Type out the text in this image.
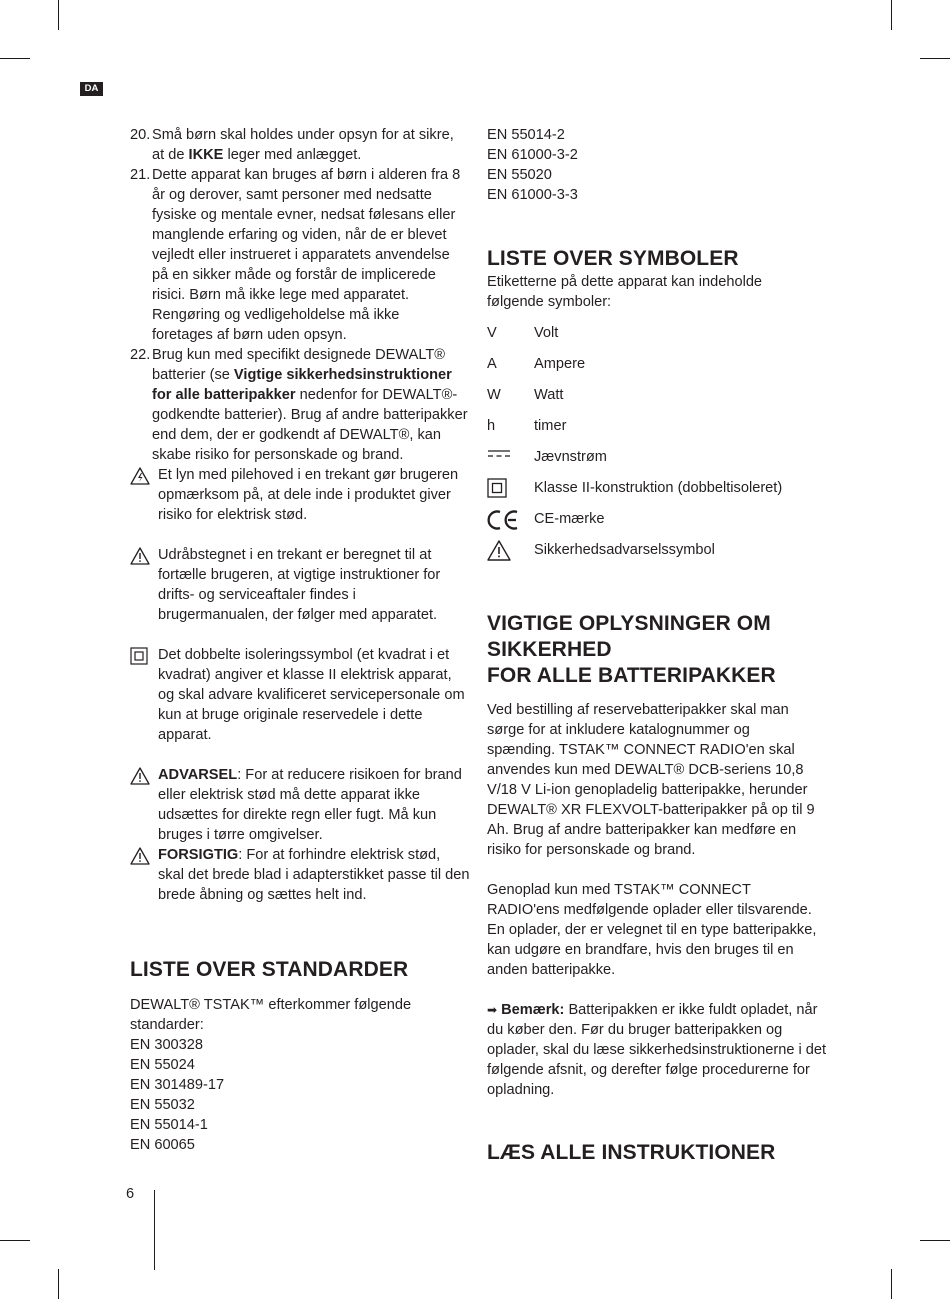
DA
20. Små børn skal holdes under opsyn for at sikre,
at de IKKE leger med anlægget.
21. Dette apparat kan bruges af børn i alderen fra 8 år og derover, samt personer med nedsatte fysiske og mentale evner, nedsat følesans eller manglende erfaring og viden, når de er blevet vejledt eller instrueret i apparatets anvendelse på en sikker måde og forstår de implicerede risici. Børn må ikke lege med apparatet. Rengøring og vedligeholdelse må ikke foretages af børn uden opsyn.
22. Brug kun med specifikt designede DEWALT® batterier (se Vigtige sikkerhedsinstruktioner for alle batteripakker nedenfor for DEWALT®-godkendte batterier). Brug af andre batteripakker end dem, der er godkendt af DEWALT®, kan skabe risiko for personskade og brand.
Et lyn med pilehoved i en trekant gør brugeren opmærksom på, at dele inde i produktet giver risiko for elektrisk stød.
Udråbstegnet i en trekant er beregnet til at fortælle brugeren, at vigtige instruktioner for drifts- og serviceaftaler findes i brugermanualen, der følger med apparatet.
Det dobbelte isoleringssymbol (et kvadrat i et kvadrat) angiver et klasse II elektrisk apparat, og skal advare kvalificeret servicepersonale om kun at bruge originale reservedele i dette apparat.
ADVARSEL: For at reducere risikoen for brand eller elektrisk stød må dette apparat ikke udsættes for direkte regn eller fugt. Må kun bruges i tørre omgivelser.
FORSIGTIG: For at forhindre elektrisk stød, skal det brede blad i adapterstikket passe til den brede åbning og sættes helt ind.
LISTE OVER STANDARDER

DEWALT® TSTAK™ efterkommer følgende standarder:

EN 300328
EN 55024
EN 301489-17
EN 55032
EN 55014-1
EN 60065
EN 55014-2
EN 61000-3-2
EN 55020
EN 61000-3-3
LISTE OVER SYMBOLER

Etiketterne på dette apparat kan indeholde følgende symboler:

V	Volt
A	Ampere
W	Watt
h	timer
Jævnstrøm
Klasse II-konstruktion (dobbeltisoleret)
CE-mærke
Sikkerhedsadvarselssymbol
VIGTIGE OPLYSNINGER OM
SIKKERHED
FOR ALLE BATTERIPAKKER

Ved bestilling af reservebatteripakker skal man sørge for at inkludere katalognummer og spænding. TSTAK™ CONNECT RADIO'en skal anvendes kun med DEWALT® DCB-seriens 10,8 V/18 V Li-ion genopladelig batteripakke, herunder DEWALT® XR FLEXVOLT-batteripakker på op til 9 Ah. Brug af andre batteripakker kan medføre en risiko for personskade og brand.

Genoplad kun med TSTAK™ CONNECT RADIO'ens medfølgende oplader eller tilsvarende. En oplader, der er velegnet til en type batteripakke, kan udgøre en brandfare, hvis den bruges til en anden batteripakke.

➡ Bemærk: Batteripakken er ikke fuldt opladet, når du køber den. Før du bruger batteripakken og oplader, skal du læse sikkerhedsinstruktionerne i det følgende afsnit, og derefter følge procedurerne for opladning.

LÆS ALLE INSTRUKTIONER
6
